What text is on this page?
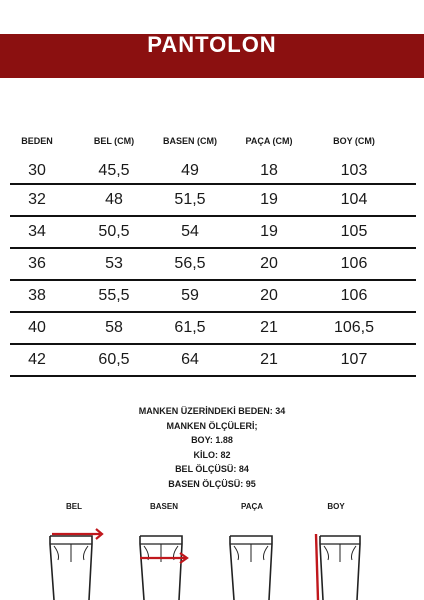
PANTOLON
BEDEN	BEL (CM)	BASEN (CM)	PAÇA (CM)	BOY (CM)
30	45,5	49	18	103
32	48	51,5	19	104
34	50,5	54	19	105
36	53	56,5	20	106
38	55,5	59	20	106
40	58	61,5	21	106,5
42	60,5	64	21	107
MANKEN ÜZERİNDEKİ BEDEN: 34
MANKEN ÖLÇÜLERİ;
BOY: 1.88
KİLO: 82
BEL ÖLÇÜSÜ: 84
BASEN ÖLÇÜSÜ: 95
BEL	BASEN	PAÇA	BOY
